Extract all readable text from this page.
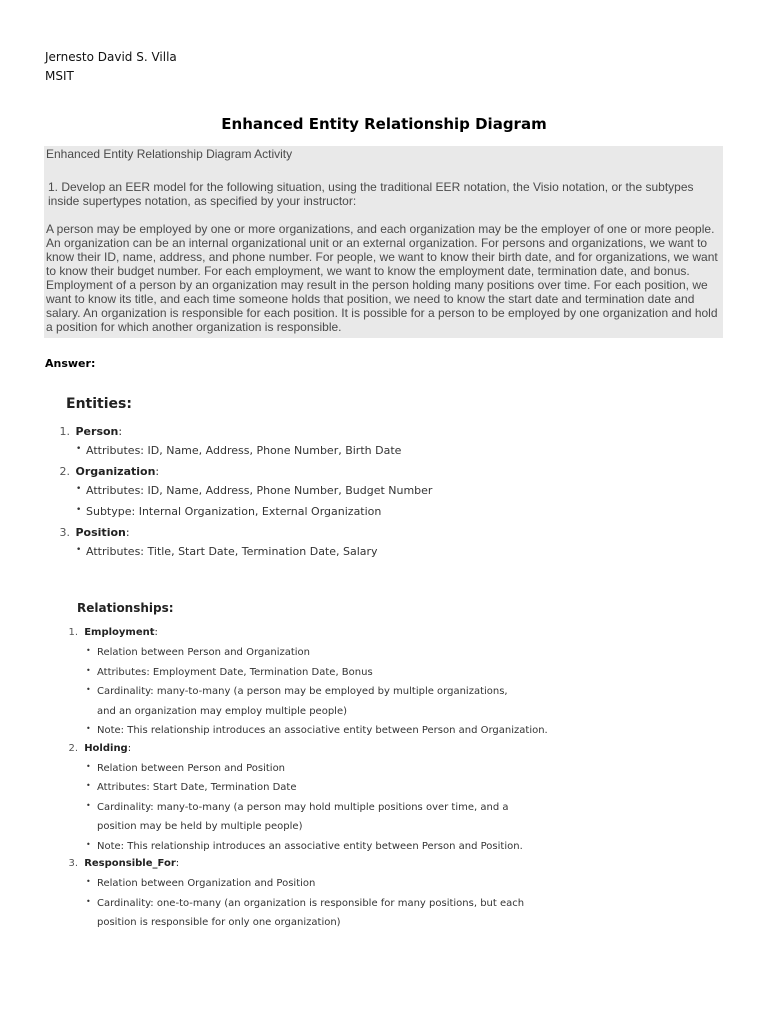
Jernesto David S. Villa
MSIT
Enhanced Entity Relationship Diagram

Enhanced Entity Relationship Diagram Activity

1. Develop an EER model for the following situation, using the traditional EER notation, the Visio notation, or the subtypes inside supertypes notation, as specified by your instructor:

A person may be employed by one or more organizations, and each organization may be the employer of one or more people. An organization can be an internal organizational unit or an external organization. For persons and organizations, we want to know their ID, name, address, and phone number. For people, we want to know their birth date, and for organizations, we want to know their budget number. For each employment, we want to know the employment date, termination date, and bonus. Employment of a person by an organization may result in the person holding many positions over time. For each position, we want to know its title, and each time someone holds that position, we need to know the start date and termination date and salary. An organization is responsible for each position. It is possible for a person to be employed by one organization and hold a position for which another organization is responsible.

Answer:
Entities:
1. Person:
• Attributes: ID, Name, Address, Phone Number, Birth Date
2. Organization:
• Attributes: ID, Name, Address, Phone Number, Budget Number
• Subtype: Internal Organization, External Organization
3. Position:
• Attributes: Title, Start Date, Termination Date, Salary
Relationships:
1. Employment:
• Relation between Person and Organization
• Attributes: Employment Date, Termination Date, Bonus
• Cardinality: many-to-many (a person may be employed by multiple organizations, and an organization may employ multiple people)
• Note: This relationship introduces an associative entity between Person and Organization.
2. Holding:
• Relation between Person and Position
• Attributes: Start Date, Termination Date
• Cardinality: many-to-many (a person may hold multiple positions over time, and a position may be held by multiple people)
• Note: This relationship introduces an associative entity between Person and Position.
3. Responsible_For:
• Relation between Organization and Position
• Cardinality: one-to-many (an organization is responsible for many positions, but each position is responsible for only one organization)
